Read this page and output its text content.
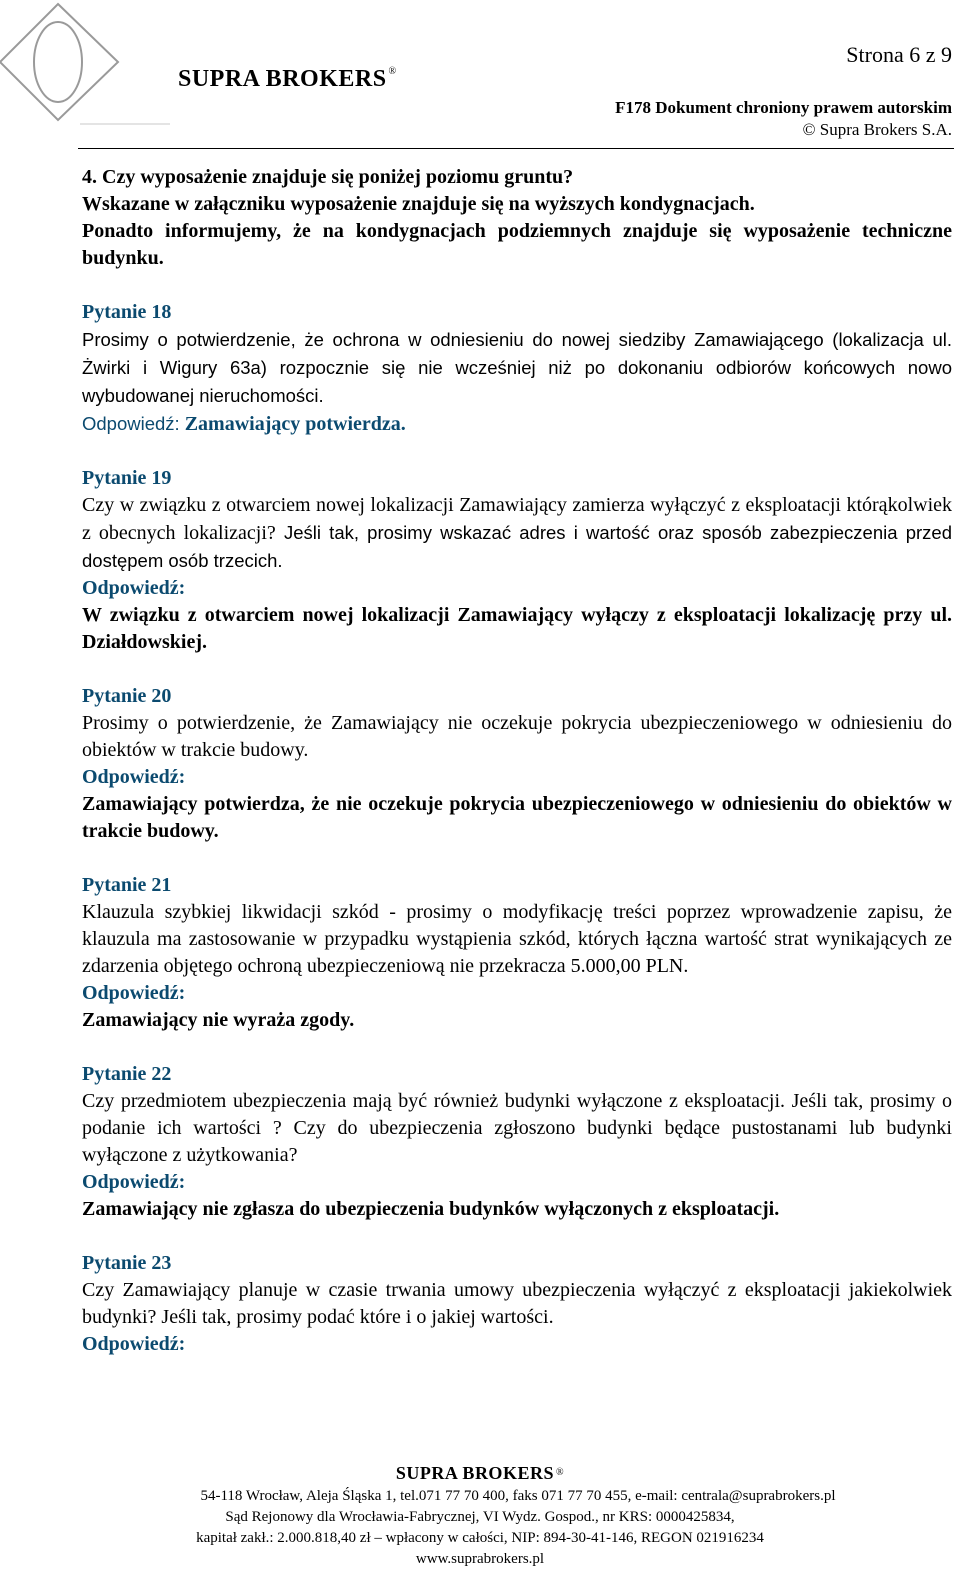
SUPRA BROKERS ®
Strona 6 z 9
F178 Dokument chroniony prawem autorskim
© Supra Brokers S.A.

4. Czy wyposażenie znajduje się poniżej poziomu gruntu?

Wskazane w załączniku wyposażenie znajduje się na wyższych kondygnacjach.

Ponadto informujemy, że na kondygnacjach podziemnych znajduje się wyposażenie techniczne budynku.

Pytanie 18

Prosimy o potwierdzenie, że ochrona w odniesieniu do nowej siedziby Zamawiającego (lokalizacja ul. Żwirki i Wigury 63a) rozpocznie się nie wcześniej niż po dokonaniu odbiorów końcowych nowo wybudowanej nieruchomości.

Odpowiedź: Zamawiający potwierdza.

Pytanie 19

Czy w związku z otwarciem nowej lokalizacji Zamawiający zamierza wyłączyć z eksploatacji którąkolwiek z obecnych lokalizacji? Jeśli tak, prosimy wskazać adres i wartość oraz sposób zabezpieczenia przed dostępem osób trzecich.

Odpowiedź:

W związku z otwarciem nowej lokalizacji Zamawiający wyłączy z eksploatacji lokalizację przy ul. Działdowskiej.

Pytanie 20

Prosimy o potwierdzenie, że Zamawiający nie oczekuje pokrycia ubezpieczeniowego w odniesieniu do obiektów w trakcie budowy.

Odpowiedź:

Zamawiający potwierdza, że nie oczekuje pokrycia ubezpieczeniowego w odniesieniu do obiektów w trakcie budowy.

Pytanie 21

Klauzula szybkiej likwidacji szkód - prosimy o modyfikację treści poprzez wprowadzenie zapisu, że klauzula ma zastosowanie w przypadku wystąpienia szkód, których łączna wartość strat wynikających ze zdarzenia objętego ochroną ubezpieczeniową nie przekracza 5.000,00 PLN.

Odpowiedź:

Zamawiający nie wyraża zgody.

Pytanie 22

Czy przedmiotem ubezpieczenia mają być również budynki wyłączone z eksploatacji. Jeśli tak, prosimy o podanie ich wartości ? Czy do ubezpieczenia zgłoszono budynki będące pustostanami lub budynki wyłączone z użytkowania?

Odpowiedź:

Zamawiający nie zgłasza do ubezpieczenia budynków wyłączonych z eksploatacji.

Pytanie 23

Czy Zamawiający planuje w czasie trwania umowy ubezpieczenia wyłączyć z eksploatacji jakiekolwiek budynki? Jeśli tak, prosimy podać które i o jakiej wartości.

Odpowiedź:

SUPRA BROKERS ®
54-118 Wrocław, Aleja Śląska 1, tel.071 77 70 400, faks 071 77 70 455, e-mail: centrala@suprabrokers.pl
Sąd Rejonowy dla Wrocławia-Fabrycznej, VI Wydz. Gospod., nr KRS: 0000425834,
kapitał zakł.: 2.000.818,40 zł – wpłacony w całości, NIP: 894-30-41-146, REGON 021916234
www.suprabrokers.pl
